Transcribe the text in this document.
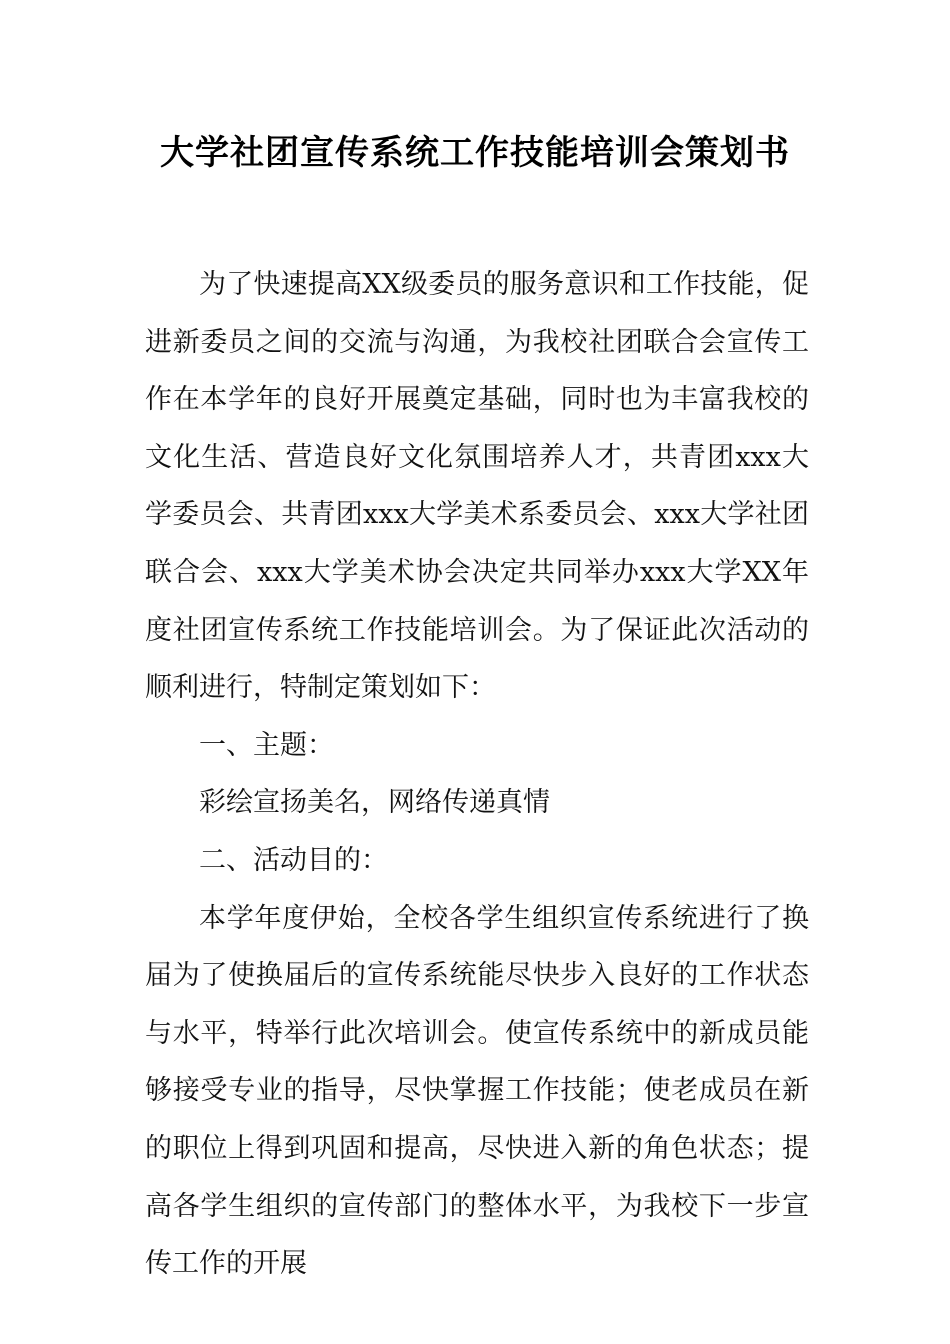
大学社团宣传系统工作技能培训会策划书

为了快速提高XX级委员的服务意识和工作技能，促进新委员之间的交流与沟通，为我校社团联合会宣传工作在本学年的良好开展奠定基础，同时也为丰富我校的文化生活、营造良好文化氛围培养人才，共青团xxx大学委员会、共青团xxx大学美术系委员会、xxx大学社团联合会、xxx大学美术协会决定共同举办xxx大学XX年度社团宣传系统工作技能培训会。为了保证此次活动的顺利进行，特制定策划如下：

一、主题：

彩绘宣扬美名，网络传递真情

二、活动目的：

本学年度伊始，全校各学生组织宣传系统进行了换届为了使换届后的宣传系统能尽快步入良好的工作状态与水平，特举行此次培训会。使宣传系统中的新成员能够接受专业的指导，尽快掌握工作技能；使老成员在新的职位上得到巩固和提高，尽快进入新的角色状态；提高各学生组织的宣传部门的整体水平，为我校下一步宣传工作的开展
